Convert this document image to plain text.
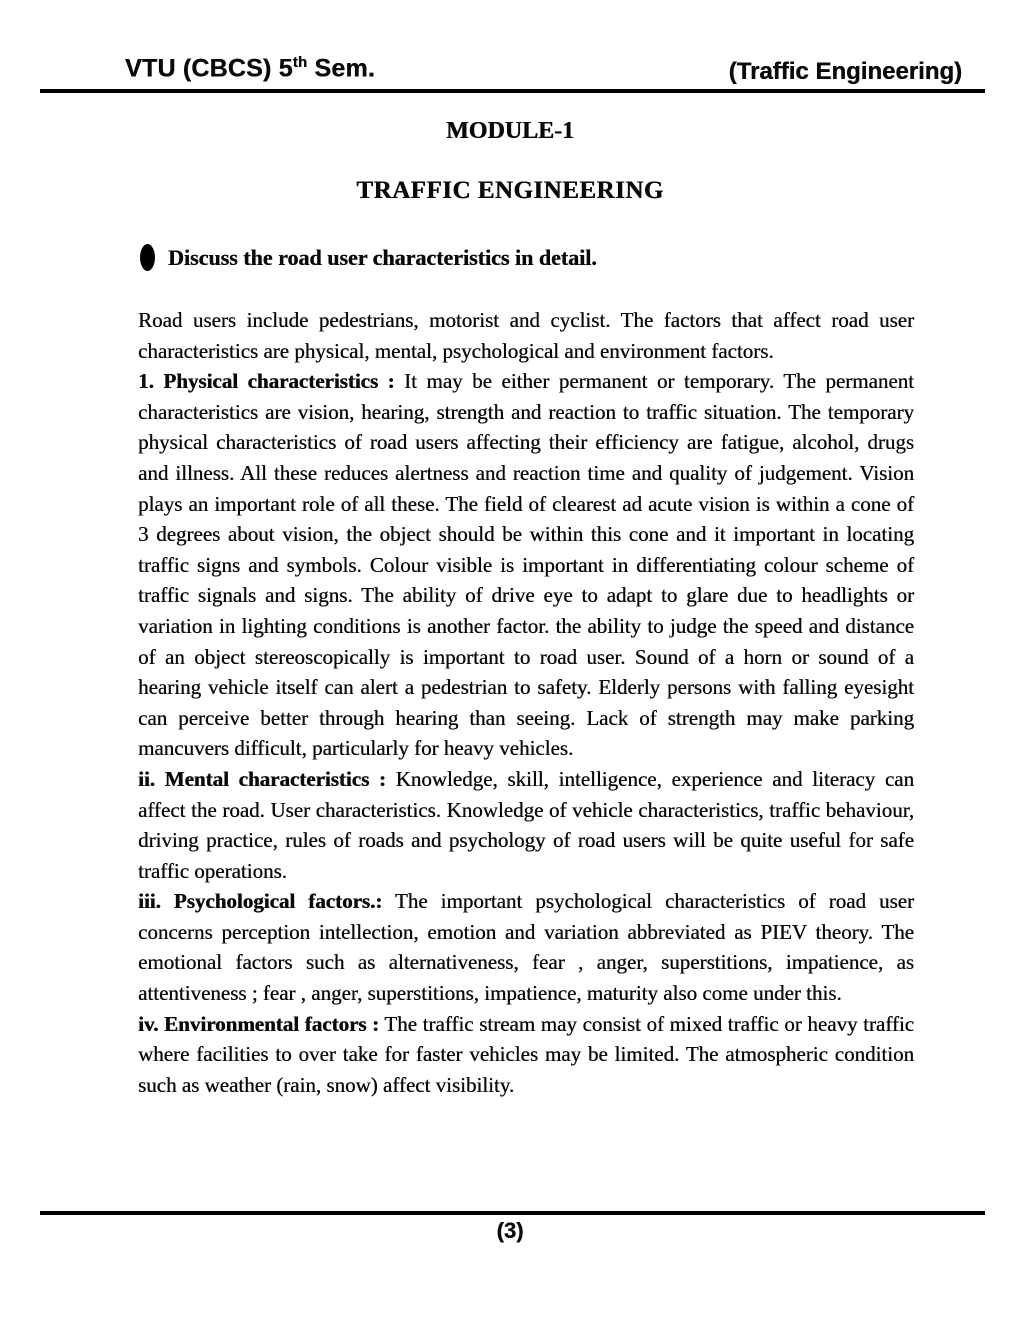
VTU (CBCS) 5th Sem.	(Traffic Engineering)
MODULE-1
TRAFFIC ENGINEERING
Discuss the road user characteristics in detail.

Road users include pedestrians, motorist and cyclist. The factors that affect road user characteristics are physical, mental, psychological and environment factors.

1. Physical characteristics : It may be either permanent or temporary. The permanent characteristics are vision, hearing, strength and reaction to traffic situation. The temporary physical characteristics of road users affecting their efficiency are fatigue, alcohol, drugs and illness. All these reduces alertness and reaction time and quality of judgement. Vision plays an important role of all these. The field of clearest ad acute vision is within a cone of 3 degrees about vision, the object should be within this cone and it important in locating traffic signs and symbols. Colour visible is important in differentiating colour scheme of traffic signals and signs. The ability of drive eye to adapt to glare due to headlights or variation in lighting conditions is another factor. the ability to judge the speed and distance of an object stereoscopically is important to road user. Sound of a horn or sound of a hearing vehicle itself can alert a pedestrian to safety. Elderly persons with falling eyesight can perceive better through hearing than seeing. Lack of strength may make parking mancuvers difficult, particularly for heavy vehicles.

ii. Mental characteristics : Knowledge, skill, intelligence, experience and literacy can affect the road. User characteristics. Knowledge of vehicle characteristics, traffic behaviour, driving practice, rules of roads and psychology of road users will be quite useful for safe traffic operations.

iii. Psychological factors.: The important psychological characteristics of road user concerns perception intellection, emotion and variation abbreviated as PIEV theory. The emotional factors such as alternativeness, fear , anger, superstitions, impatience, as attentiveness ; fear , anger, superstitions, impatience, maturity also come under this.

iv. Environmental factors : The traffic stream may consist of mixed traffic or heavy traffic where facilities to over take for faster vehicles may be limited. The atmospheric condition such as weather (rain, snow) affect visibility.

(3)
